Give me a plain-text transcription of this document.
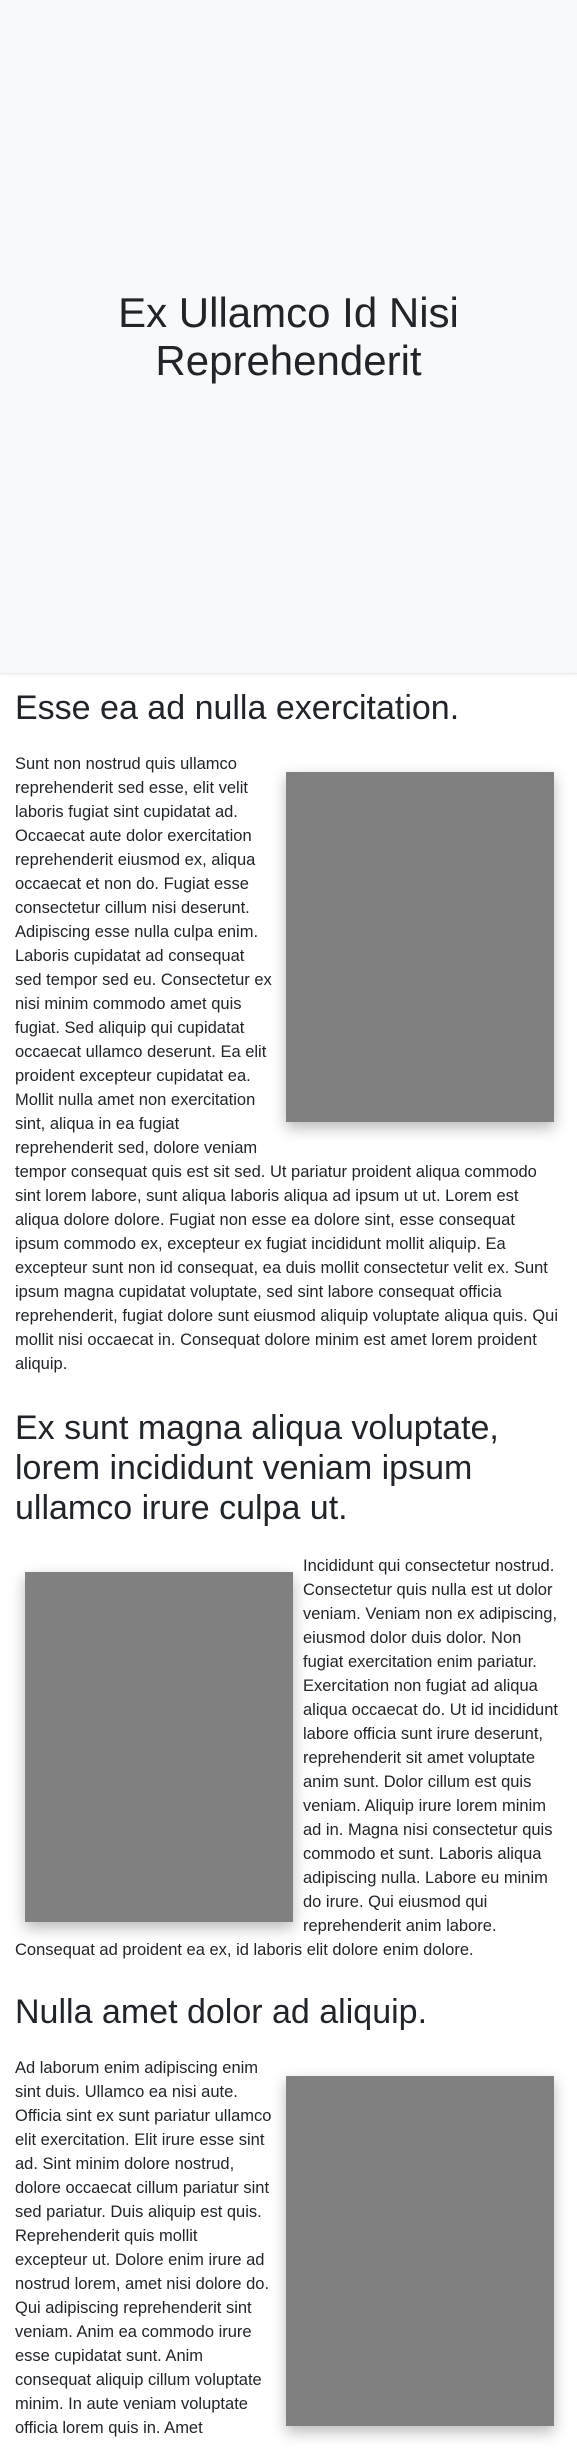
Ex Ullamco Id Nisi Reprehenderit
Esse ea ad nulla exercitation.

Sunt non nostrud quis ullamco reprehenderit sed esse, elit velit laboris fugiat sint cupidatat ad. Occaecat aute dolor exercitation reprehenderit eiusmod ex, aliqua occaecat et non do. Fugiat esse consectetur cillum nisi deserunt. Adipiscing esse nulla culpa enim. Laboris cupidatat ad consequat sed tempor sed eu. Consectetur ex nisi minim commodo amet quis fugiat. Sed aliquip qui cupidatat occaecat ullamco deserunt. Ea elit proident excepteur cupidatat ea. Mollit nulla amet non exercitation sint, aliqua in ea fugiat reprehenderit sed, dolore veniam tempor consequat quis est sit sed. Ut pariatur proident aliqua commodo sint lorem labore, sunt aliqua laboris aliqua ad ipsum ut ut. Lorem est aliqua dolore dolore. Fugiat non esse ea dolore sint, esse consequat ipsum commodo ex, excepteur ex fugiat incididunt mollit aliquip. Ea excepteur sunt non id consequat, ea duis mollit consectetur velit ex. Sunt ipsum magna cupidatat voluptate, sed sint labore consequat officia reprehenderit, fugiat dolore sunt eiusmod aliquip voluptate aliqua quis. Qui mollit nisi occaecat in. Consequat dolore minim est amet lorem proident aliquip.

Ex sunt magna aliqua voluptate, lorem incididunt veniam ipsum ullamco irure culpa ut.

Incididunt qui consectetur nostrud. Consectetur quis nulla est ut dolor veniam. Veniam non ex adipiscing, eiusmod dolor duis dolor. Non fugiat exercitation enim pariatur. Exercitation non fugiat ad aliqua aliqua occaecat do. Ut id incididunt labore officia sunt irure deserunt, reprehenderit sit amet voluptate anim sunt. Dolor cillum est quis veniam. Aliquip irure lorem minim ad in. Magna nisi consectetur quis commodo et sunt. Laboris aliqua adipiscing nulla. Labore eu minim do irure. Qui eiusmod qui reprehenderit anim labore. Consequat ad proident ea ex, id laboris elit dolore enim dolore.

Nulla amet dolor ad aliquip.

Ad laborum enim adipiscing enim sint duis. Ullamco ea nisi aute. Officia sint ex sunt pariatur ullamco elit exercitation. Elit irure esse sint ad. Sint minim dolore nostrud, dolore occaecat cillum pariatur sint sed pariatur. Duis aliquip est quis. Reprehenderit quis mollit excepteur ut. Dolore enim irure ad nostrud lorem, amet nisi dolore do. Qui adipiscing reprehenderit sint veniam. Anim ea commodo irure esse cupidatat sunt. Anim consequat aliquip cillum voluptate minim. In aute veniam voluptate officia lorem quis in. Amet
